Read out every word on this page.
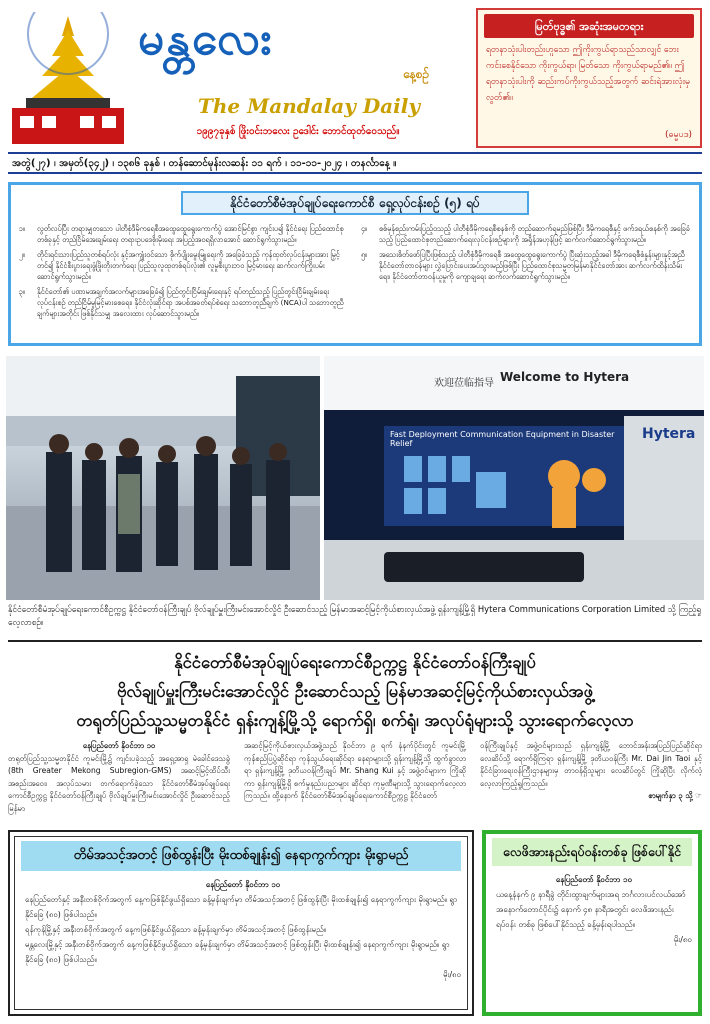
မန္တလေး
နေ့စဉ်
The Mandalay Daily
၁၉၉၇ခုနှစ် ဖြိုးဝင်းဘလေး ဥဒေါင်း ဘောင်ထုတ်ဝေသည်။
မြတ်ဗုဒ္ဓ၏ အဆုံးအမတရား
ရတနာသုံးပါးတည်းဟူသော ဤကိုးကွယ်ရာသည်သာလျှင် ဘေးကင်းစေနိုင်သော ကိုးကွယ်ရာ၊ မြတ်သော ကိုးကွယ်ရာမည်၏။ ဤရတနာသုံးပါးကို ဆည်းကပ်ကိုးကွယ်သည့်အတွက် ဆင်းရဲအားလုံးမှ လွတ်၏။
(ဓမ္မပဒ)
အတွဲ(၂၇) ၊ အမှတ်(၃၄၂) ၊ ၁၃၈၆ ခုနှစ် ၊ တန်ဆောင်မုန်းလဆန်း ၁၁ ရက် ၊ ၁၁-၁၁-၂၀၂၄ ၊ တနင်္လာနေ့ ။
နိုင်ငံတော်စီမံအုပ်ချုပ်ရေးကောင်စီ ရှေ့လုပ်ငန်းစဉ် (၅) ရပ်
၁။	လွတ်လပ်ပြီး တရားမျှတသော ပါတီစုံဒီမိုကရေစီအထွေထွေရွေးကောက်ပွဲ အောင်မြင်စွာ ကျင်းပ၍ နိုင်ငံရေး ပြည်ထောင်စုတစ်ခုနှင့် တည်ငြိမ်အေးချမ်းရေး တရားဥပဒေစိုးမိုးရေး အပြည့်အဝရရှိလာအောင် ဆောင်ရွက်သွားမည်။
၂။	တိုင်းရင်းသားပြည်သူတစ်ရပ်လုံး နှင့်အကျုံးဝင်သော စိုက်ပျိုးမွေးမြူရေးကို အခြေခံသည့် ကုန်ထုတ်လုပ်ငန်းများအား မြှင့်တင်၍ နိုင်ငံစီးပွားရေးဖွံ့ဖြိုးတိုးတက်ရေး ပြည်သူလူထုတစ်ရပ်လုံး၏ လူမှုစီးပွားဘဝ မြင့်မားရေး ဆက်လက်ကြိုးပမ်းဆောင်ရွက်သွားမည်။
၃။	နိုင်ငံတော်၏ ပဏာမအချက်အလက်များအခြေခံ၍ ပြည်တွင်းငြိမ်းချမ်းရေးနှင့် ရပ်တည်သည့် ပြည်တွင်းငြိမ်းချမ်းရေးလုပ်ငန်းစဉ် တည်ငြိမ်မှုမြင့်မားစေရေး၊ နိုင်ငံလုံးဆိုင်ရာ အပစ်အခတ်ရပ်စဲရေး သဘောတူညီချက် (NCA)ပါ သဘောတူညီချက်များအတိုင်း ဖြစ်နိုင်သမျှ အလေးထား လုပ်ဆောင်သွားမည်။
၄။	စစ်မှန်စည်းကမ်းပြည့်ဝသည့် ပါတီစုံဒီမိုကရေစီစနစ်ကို တည်ဆောက်ရမည်ဖြစ်ပြီး ဒီမိုကရေစီနှင့် ဖက်ဒရယ်စနစ်ကို အခြေခံသည့် ပြည်ထောင်စုတည်ဆောက်ရေးလုပ်ငန်းစဉ်များကို အရှိန်အဟုန်ဖြင့် ဆက်လက်ဆောင်ရွက်သွားမည်။
၅။	အသေးစိတ်ဖော်ပြပြီးဖြစ်သည့် ပါတီစုံဒီမိုကရေစီ အထွေထွေရွေးကောက်ပွဲ ပြီးဆုံးသည့်အခါ ဒီမိုကရေစီစံနှုန်းများနှင့်အညီ နိုင်ငံတော်တာဝန်များ လွှဲပြောင်းပေးအပ်သွားမည်ဖြစ်ပြီး ပြည်ထောင်စုသမ္မတမြန်မာနိုင်ငံတော်အား ဆက်လက်ထိန်းသိမ်းရေး၊ နိုင်ငံတော်တာဝန်ယူမှုကို ကျောချရေး ဆက်လက်ဆောင်ရွက်သွားမည်။
欢迎莅临指导 Welcome to Hytera
Fast Deployment Communication Equipment in Disaster Relief
Hytera
နိုင်ငံတော်စီမံအုပ်ချုပ်ရေးကောင်စီဥက္ကဋ္ဌ နိုင်ငံတော်ဝန်ကြီးချုပ် ဗိုလ်ချုပ်မှူးကြီးမင်းအောင်လှိုင် ဦးဆောင်သည့် မြန်မာအဆင့်မြင့်ကိုယ်စားလှယ်အဖွဲ့ ရှန်းကျန့်မြို့ရှိ Hytera Communications Corporation Limited သို့ ကြည့်ရှုလေ့လာစဉ်။
နိုင်ငံတော်စီမံအုပ်ချုပ်ရေးကောင်စီဥက္ကဋ္ဌ နိုင်ငံတော်ဝန်ကြီးချုပ်
ဗိုလ်ချုပ်မှူးကြီးမင်းအောင်လှိုင် ဦးဆောင်သည့် မြန်မာအဆင့်မြင့်ကိုယ်စားလှယ်အဖွဲ့
တရုတ်ပြည်သူ့သမ္မတနိုင်ငံ ရှန်းကျန့်မြို့သို့ ရောက်ရှိ၊ စက်ရုံ၊ အလုပ်ရုံများသို့ သွားရောက်လေ့လာ
နေပြည်တော် နိုဝင်ဘာ ၁၀
တရုတ်ပြည်သူ့သမ္မတနိုင်ငံ ကူမင်းမြို့၌ ကျင်းပခဲ့သည့် အရှေ့အာရှ မဲခေါင်ဒေသခွဲ (8th Greater Mekong Subregion-GMS) အဆင့်မြင့်ထိပ်သီးအစည်းအဝေး၊ အလုပ်သမား တက်ရောက်ခဲ့သော နိုင်ငံတော်စီမံအုပ်ချုပ်ရေးကောင်စီဥက္ကဋ္ဌ နိုင်ငံတော်ဝန်ကြီးချုပ် ဗိုလ်ချုပ်မှူးကြီးမင်းအောင်လှိုင် ဦးဆောင်သည့် မြန်မာ
အဆင့်မြင့်ကိုယ်စားလှယ်အဖွဲ့သည် နိုဝင်ဘာ ၉ ရက် နံနက်ပိုင်းတွင် ကူမင်းမြို့ ကုန်စည်ပြပွဲဆိုင်ရာ ကုန်သွယ်ရေးဆိုင်ရာ နေရာများသို့ ရှန်းကျန့်မြို့သို့ ထွက်ခွာလာ ရာ ရှန်းကျန့်မြို့ ဒုတိယဝန်ကြီးချုပ် Mr. Shang Kui နှင့် အဖွဲ့ဝင်များက ကြိုဆိုကာ ရှန်းကျန့်မြို့ရှိ စက်မှုနည်းပညာများ ဆိုင်ရာ ကုမ္ပဏီများသို့ သွားရောက်လေ့လာကြသည်။ ထို့နောက် နိုင်ငံတော်စီမံအုပ်ချုပ်ရေးကောင်စီဥက္ကဋ္ဌ နိုင်ငံတော်
ဝန်ကြီးချုပ်နှင့် အဖွဲ့ဝင်များသည် ရှန်းကျန့်မြို့ ဘောင်အန်းအပြည်ပြည်ဆိုင်ရာလေဆိပ်သို့ ရောက်ရှိကြရာ ရှန်းကျန့်မြို့ ဒုတိယဝန်ကြီး Mr. Dai Jin Taoi နှင့်နိုင်ငံခြားရေးဝန်ကြီးဌာနများမှ တာဝန်ရှိသူများ လေဆိပ်တွင် ကြိုဆိုပြီး လိုက်လံ့လေ့လာကြည့်ရှုကြသည်။
စာမျက်နှာ ၃ သို့ ☞
တိမ်အသင့်အတင့် ဖြစ်ထွန်းပြီး မိုးထစ်ချုန်း၍ နေရာကွက်ကျား မိုးရွာမည်
နေပြည်တော် နိုဝင်ဘာ ၁၀
နေပြည်တော်နှင့် အနီးတစ်ဝိုက်အတွက် နေ့ကဖြစ်နိုင်ဖွယ်ရှိသော ခန့်မှန်းချက်မှာ တိမ်အသင့်အတင့် ဖြစ်ထွန်းပြီး မိုးထစ်ချုန်း၍ နေရာကွက်ကျား မိုးရွာမည်။ ရွာနိုင်ခြေ (၈၀) ဖြစ်ပါသည်။
ရန်ကုန်မြို့နှင့် အနီးတစ်ဝိုက်အတွက် နေ့ကဖြစ်နိုင်ဖွယ်ရှိသော ခန့်မှန်းချက်မှာ တိမ်အသင့်အတင့် ဖြစ်ထွန်းမည်။
မန္တလေးမြို့နှင့် အနီးတစ်ဝိုက်အတွက် နေ့ကဖြစ်နိုင်ဖွယ်ရှိသော ခန့်မှန်းချက်မှာ တိမ်အသင့်အတင့် ဖြစ်ထွန်းပြီး မိုးထစ်ချုန်း၍ နေရာကွက်ကျား မိုးရွာမည်။ ရွာနိုင်ခြေ (၈၀) ဖြစ်ပါသည်။
မိုး/၈၀
လေဖိအားနည်းရပ်ဝန်းတစ်ခု ဖြစ်ပေါ်နိုင်
နေပြည်တော် နိုဝင်ဘာ ၁၀
ယနေ့နံနက် ၉ နာရီခွဲ တိုင်းထွာချက်များအရ ဘင်္ဂလားပင်လယ်အော် အနောက်တောင်ပိုင်း၌ နောက် ၄၈ နာရီအတွင်း လေဖိအားနည်းရပ်ဝန်း တစ်ခု ဖြစ်ပေါ်နိုင်သည့် ခန့်မှန်းရပါသည်။
မိုး/၈၀
